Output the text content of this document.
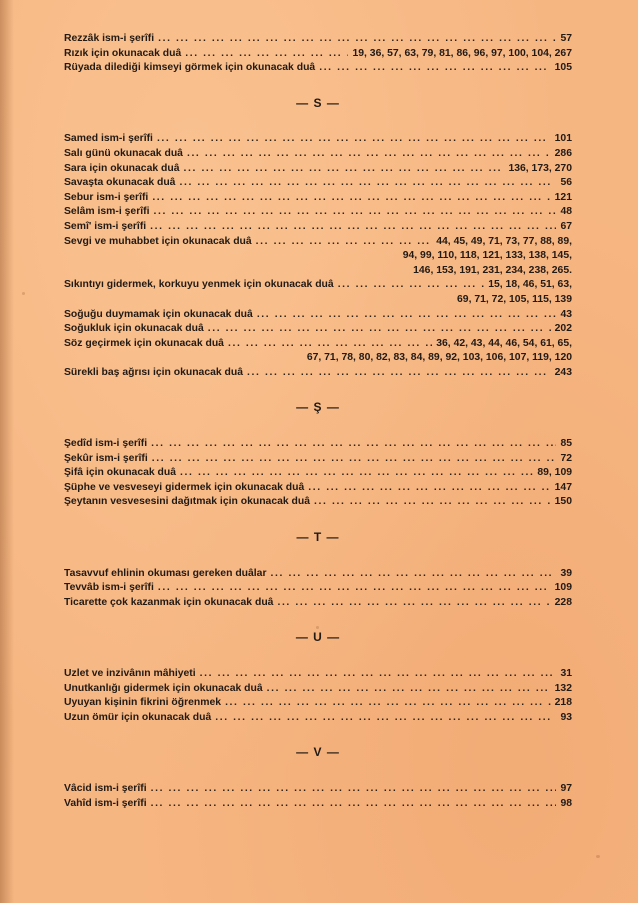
Rezzâk ism-i şerîfi ... .	57
Rızık için okunacak duâ ... .	19, 36, 57, 63, 79, 81, 86, 96, 97, 100, 104, 267
Rüyada dilediği kimseyi görmek için okunacak duâ ... .	105
— S —
Samed ism-i şerîfi ... .	101
Salı günü okunacak duâ ... .	286
Sara için okunacak duâ ... .	136, 173, 270
Savaşta okunacak duâ ... .	56
Sebur ism-i şerîfi ... .	121
Selâm ism-i şerîfi ... .	48
Semî' ism-i şerîfi ... .	67
Sevgi ve muhabbet için okunacak duâ ... .	44, 45, 49, 71, 73, 77, 88, 89,
94, 99, 110, 118, 121, 133, 138, 145,
146, 153, 191, 231, 234, 238, 265.
Sıkıntıyı gidermek, korkuyu yenmek için okunacak duâ ... .	15, 18, 46, 51, 63,
69, 71, 72, 105, 115, 139
Soğuğu duymamak için okunacak duâ ... .	43
Soğukluk için okunacak duâ ... .	202
Söz geçirmek için okunacak duâ ... .	36, 42, 43, 44, 46, 54, 61, 65,
67, 71, 78, 80, 82, 83, 84, 89, 92, 103, 106, 107, 119, 120
Sürekli baş ağrısı için okunacak duâ ... .	243
— Ş —
Şedîd ism-i şerîfi ... .	85
Şekûr ism-i şerîfi ... .	72
Şifâ için okunacak duâ ... .	89, 109
Şüphe ve vesveseyi gidermek için okunacak duâ ... .	147
Şeytanın vesvesesini dağıtmak için okunacak duâ ... .	150
— T —
Tasavvuf ehlinin okuması gereken duâlar ... .	39
Tevvâb ism-i şerîfi ... .	109
Ticarette çok kazanmak için okunacak duâ ... .	228
— U —
Uzlet ve inzivânın mâhiyeti ... .	31
Unutkanlığı gidermek için okunacak duâ ... .	132
Uyuyan kişinin fikrini öğrenmek ... .	218
Uzun ömür için okunacak duâ ... .	93
— V —
Vâcid ism-i şerîfi ... .	97
Vahîd ism-i şerîfi ... .	98
